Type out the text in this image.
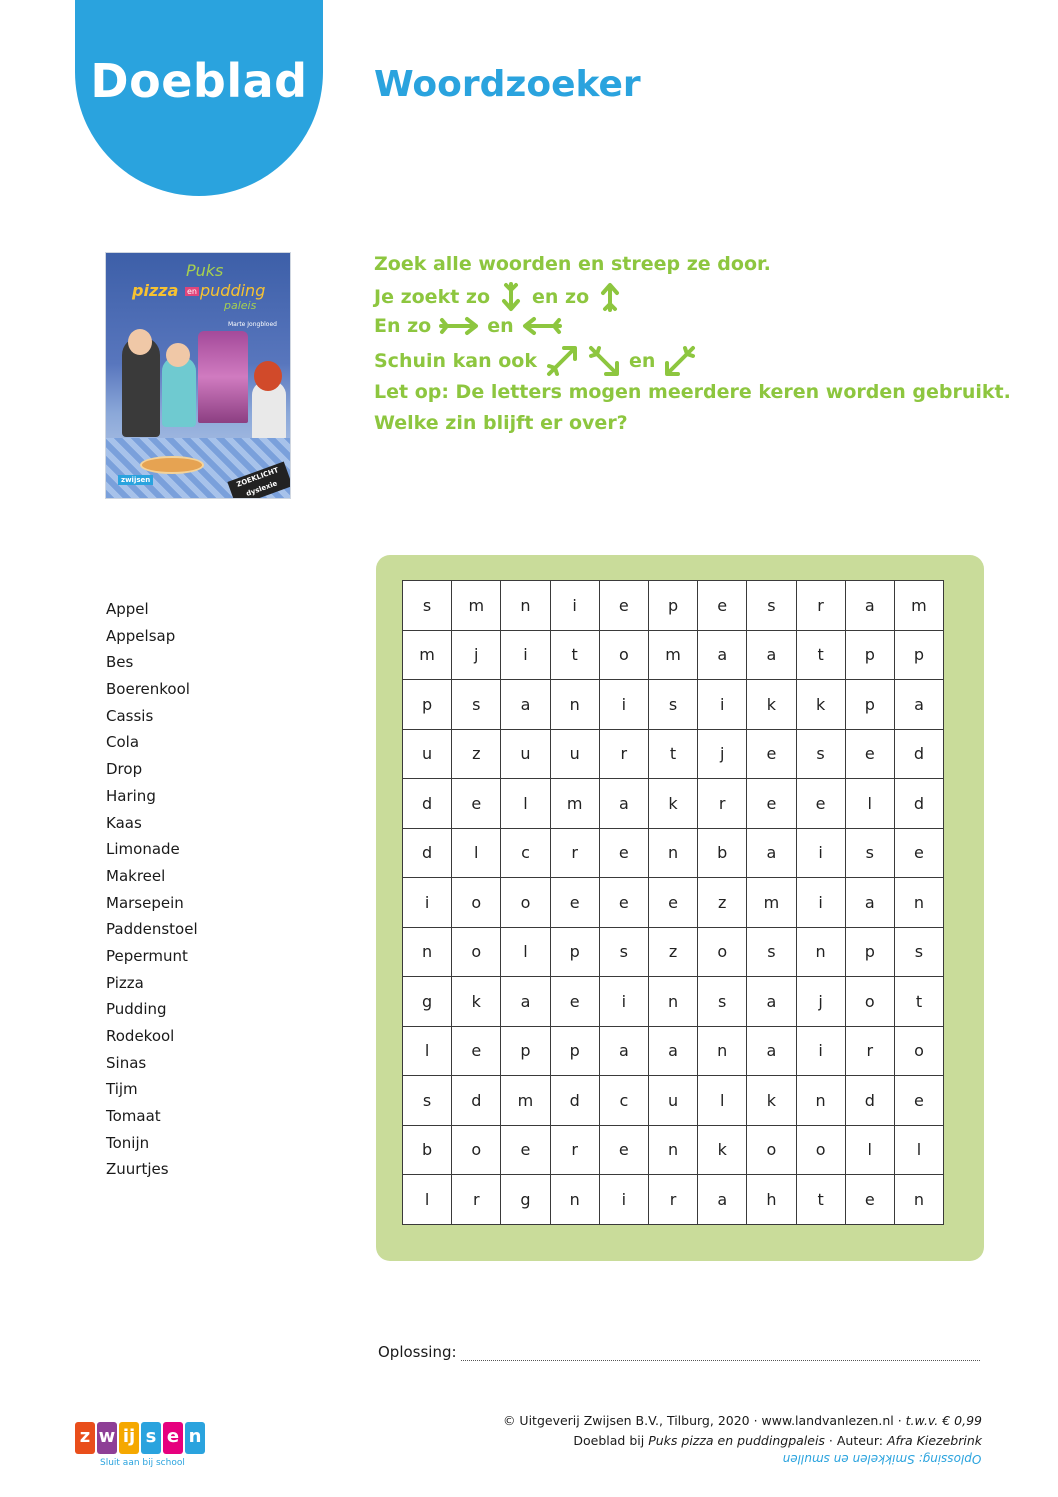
Doeblad	Woordzoeker
Puks
pizza en pudding
paleis
Marte Jongbloed
zwijsen	ZOEKLICHT dyslexie
Zoek alle woorden en streep ze door.
Je zoekt zo en zo
En zo	en
Schuin kan ook	en
Let op: De letters mogen meerdere keren worden gebruikt.
Welke zin blijft er over?
Appel
Appelsap
Bes
Boerenkool
Cassis
Cola
Drop
Haring
Kaas
Limonade
Makreel
Marsepein
Paddenstoel
Pepermunt
Pizza
Pudding
Rodekool
Sinas
Tijm
Tomaat
Tonijn
Zuurtjes
s	m	n	i	e	p	e	s	r	a	m
m	j	i	t	o	m	a	a	t	p	p
p	s	a	n	i	s	i	k	k	p	a
u	z	u	u	r	t	j	e	s	e	d
d	e	l	m	a	k	r	e	e	l	d
d	l	c	r	e	n	b	a	i	s	e
i	o	o	e	e	e	z	m	i	a	n
n	o	l	p	s	z	o	s	n	p	s
g	k	a	e	i	n	s	a	j	o	t
l	e	p	p	a	a	n	a	i	r	o
s	d	m	d	c	u	l	k	n	d	e
b	o	e	r	e	n	k	o	o	l	l
l	r	g	n	i	r	a	h	t	e	n
Oplossing:
z w ij s e n
Sluit aan bij school
© Uitgeverij Zwijsen B.V., Tilburg, 2020 · www.landvanlezen.nl · t.w.v. € 0,99
Doeblad bij Puks pizza en puddingpaleis · Auteur: Afra Kiezebrink
Oplossing: Smikkelen en smullen
